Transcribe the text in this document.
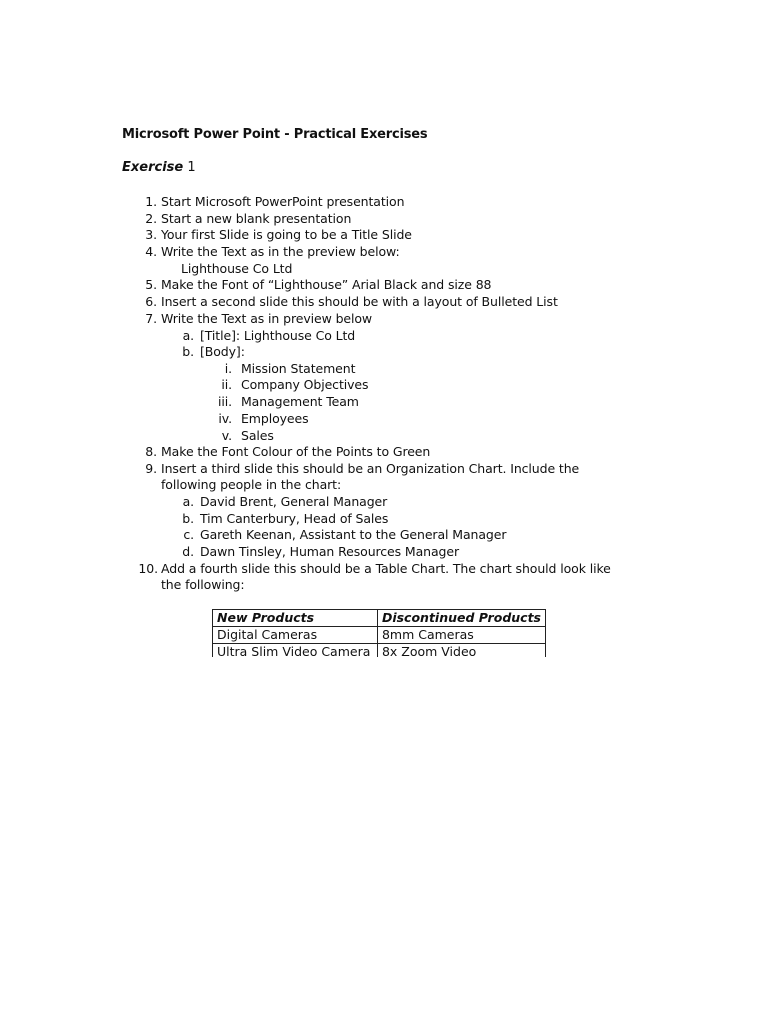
Microsoft Power Point - Practical Exercises
Exercise 1
1. Start Microsoft PowerPoint presentation
2. Start a new blank presentation
3. Your first Slide is going to be a Title Slide
4. Write the Text as in the preview below:
Lighthouse Co Ltd
5. Make the Font of “Lighthouse” Arial Black and size 88
6. Insert a second slide this should be with a layout of Bulleted List
7. Write the Text as in preview below
a. [Title]: Lighthouse Co Ltd
b. [Body]:
i. Mission Statement
ii. Company Objectives
iii. Management Team
iv. Employees
v. Sales
8. Make the Font Colour of the Points to Green
9. Insert a third slide this should be an Organization Chart. Include the
following people in the chart:
a. David Brent, General Manager
b. Tim Canterbury, Head of Sales
c. Gareth Keenan, Assistant to the General Manager
d. Dawn Tinsley, Human Resources Manager
10. Add a fourth slide this should be a Table Chart. The chart should look like
the following:
New Products	Discontinued Products
Digital Cameras	8mm Cameras
Ultra Slim Video Camera	8x Zoom Video
